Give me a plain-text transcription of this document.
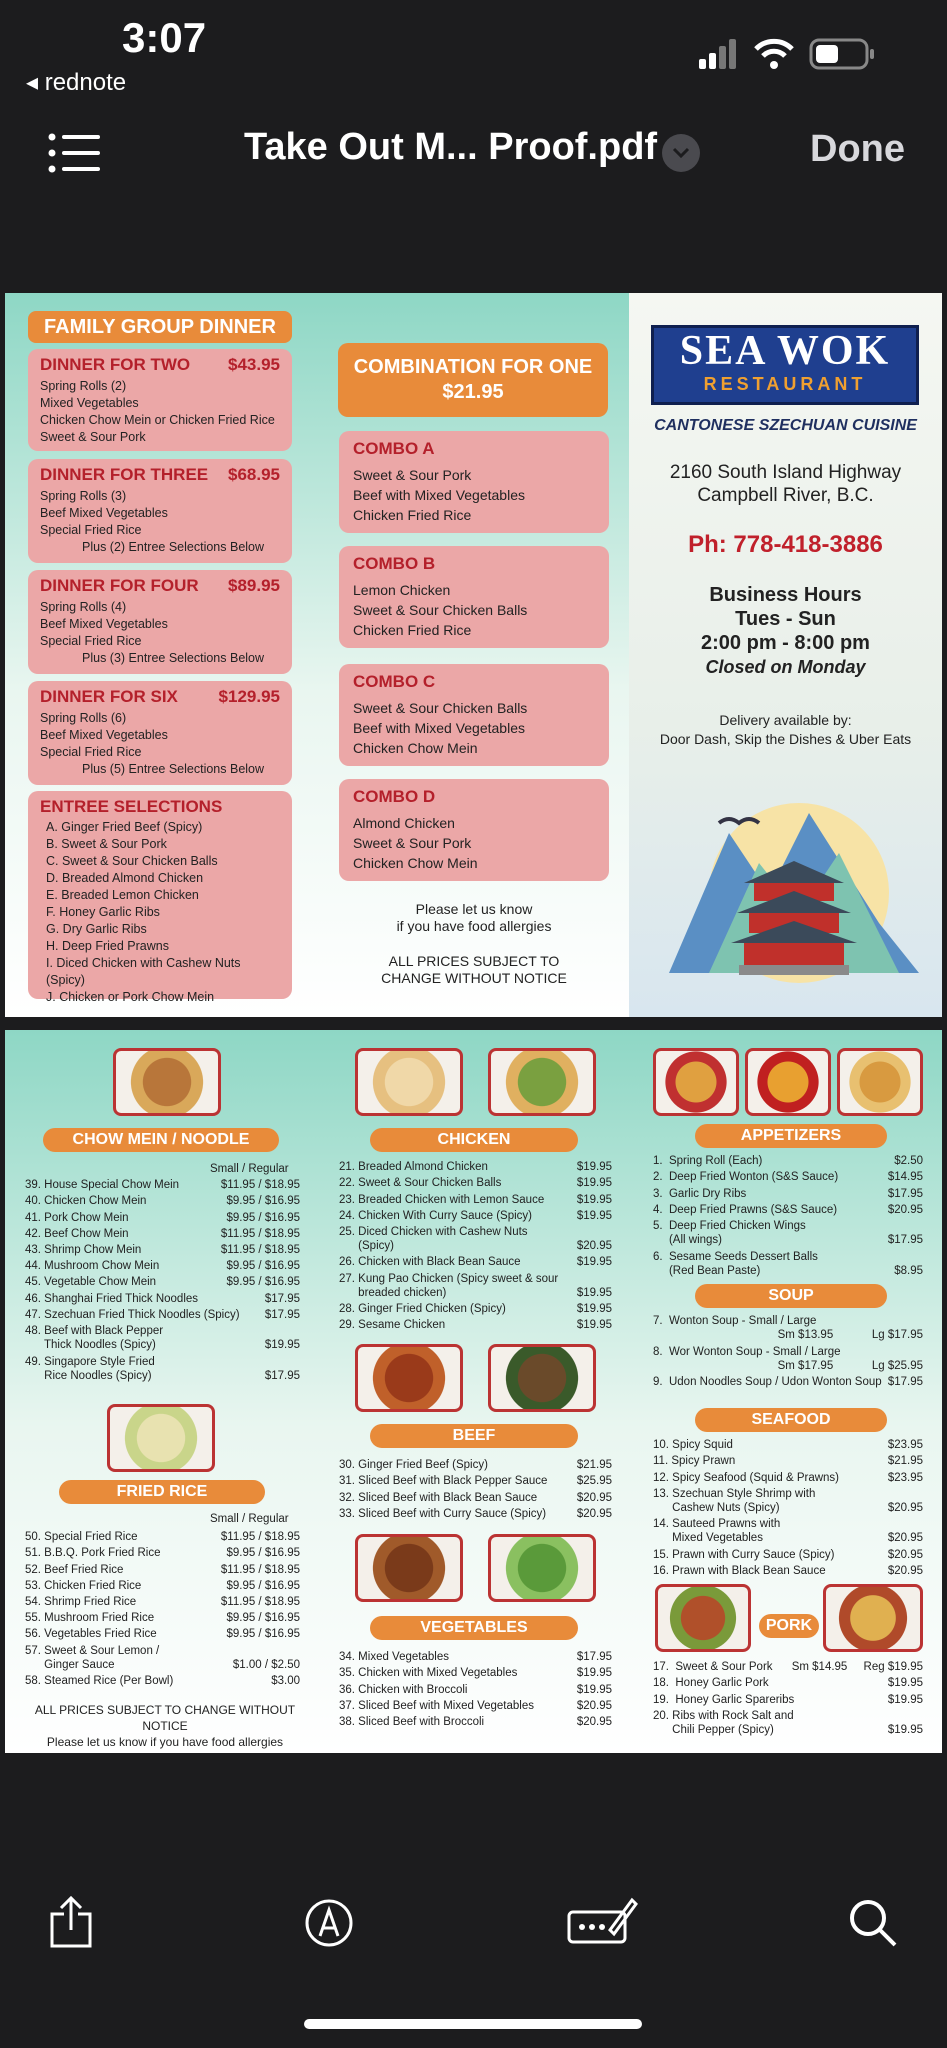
3:07
◂ rednote
Take Out M... Proof.pdf	Done
FAMILY GROUP DINNER
DINNER FOR TWO $43.95
Spring Rolls (2)
Mixed Vegetables
Chicken Chow Mein or Chicken Fried Rice
Sweet & Sour Pork
DINNER FOR THREE $68.95
Spring Rolls (3)
Beef Mixed Vegetables
Special Fried Rice
Plus (2) Entree Selections Below
DINNER FOR FOUR $89.95
Spring Rolls (4)
Beef Mixed Vegetables
Special Fried Rice
Plus (3) Entree Selections Below
DINNER FOR SIX $129.95
Spring Rolls (6)
Beef Mixed Vegetables
Special Fried Rice
Plus (5) Entree Selections Below
ENTREE SELECTIONS
A. Ginger Fried Beef (Spicy)
B. Sweet & Sour Pork
C. Sweet & Sour Chicken Balls
D. Breaded Almond Chicken
E. Breaded Lemon Chicken
F. Honey Garlic Ribs
G. Dry Garlic Ribs
H. Deep Fried Prawns
I. Diced Chicken with Cashew Nuts (Spicy)
J. Chicken or Pork Chow Mein
COMBINATION FOR ONE
$21.95
COMBO A
Sweet & Sour Pork
Beef with Mixed Vegetables
Chicken Fried Rice
COMBO B
Lemon Chicken
Sweet & Sour Chicken Balls
Chicken Fried Rice
COMBO C
Sweet & Sour Chicken Balls
Beef with Mixed Vegetables
Chicken Chow Mein
COMBO D
Almond Chicken
Sweet & Sour Pork
Chicken Chow Mein
Please let us know
if you have food allergies
ALL PRICES SUBJECT TO
CHANGE WITHOUT NOTICE
SEA WOK
RESTAURANT
CANTONESE SZECHUAN CUISINE
2160 South Island Highway
Campbell River, B.C.
Ph: 778-418-3886
Business Hours
Tues - Sun
2:00 pm - 8:00 pm
Closed on Monday
Delivery available by:
Door Dash, Skip the Dishes & Uber Eats
CHOW MEIN / NOODLE
Small / Regular
39. House Special Chow Mein	$11.95 / $18.95
40. Chicken Chow Mein	$9.95 / $16.95
41. Pork Chow Mein	$9.95 / $16.95
42. Beef Chow Mein	$11.95 / $18.95
43. Shrimp Chow Mein	$11.95 / $18.95
44. Mushroom Chow Mein	$9.95 / $16.95
45. Vegetable Chow Mein	$9.95 / $16.95
46. Shanghai Fried Thick Noodles	$17.95
47. Szechuan Fried Thick Noodles (Spicy) $17.95
48. Beef with Black Pepper
Thick Noodles (Spicy)	$19.95
49. Singapore Style Fried
Rice Noodles (Spicy)	$17.95
FRIED RICE
Small / Regular
50. Special Fried Rice	$11.95 / $18.95
51. B.B.Q. Pork Fried Rice	$9.95 / $16.95
52. Beef Fried Rice	$11.95 / $18.95
53. Chicken Fried Rice	$9.95 / $16.95
54. Shrimp Fried Rice	$11.95 / $18.95
55. Mushroom Fried Rice	$9.95 / $16.95
56. Vegetables Fried Rice	$9.95 / $16.95
57. Sweet & Sour Lemon /
Ginger Sauce	$1.00 / $2.50
58. Steamed Rice (Per Bowl)	$3.00
ALL PRICES SUBJECT TO CHANGE WITHOUT NOTICE
Please let us know if you have food allergies
CHICKEN
21. Breaded Almond Chicken	$19.95
22. Sweet & Sour Chicken Balls	$19.95
23. Breaded Chicken with Lemon Sauce	$19.95
24. Chicken With Curry Sauce (Spicy)	$19.95
25. Diced Chicken with Cashew Nuts
(Spicy)	$20.95
26. Chicken with Black Bean Sauce	$19.95
27. Kung Pao Chicken (Spicy sweet & sour
breaded chicken)	$19.95
28. Ginger Fried Chicken (Spicy)	$19.95
29. Sesame Chicken	$19.95
BEEF
30. Ginger Fried Beef (Spicy)	$21.95
31. Sliced Beef with Black Pepper Sauce	$25.95
32. Sliced Beef with Black Bean Sauce	$20.95
33. Sliced Beef with Curry Sauce (Spicy)	$20.95
VEGETABLES
34. Mixed Vegetables	$17.95
35. Chicken with Mixed Vegetables	$19.95
36. Chicken with Broccoli	$19.95
37. Sliced Beef with Mixed Vegetables	$20.95
38. Sliced Beef with Broccoli	$20.95
APPETIZERS
1.  Spring Roll (Each)	$2.50
2.  Deep Fried Wonton (S&S Sauce)	$14.95
3.  Garlic Dry Ribs	$17.95
4.  Deep Fried Prawns (S&S Sauce)	$20.95
5.  Deep Fried Chicken Wings
(All wings)	$17.95
6.  Sesame Seeds Dessert Balls
(Red Bean Paste)	$8.95
SOUP
7.  Wonton Soup - Small / Large
Sm $13.95	Lg $17.95
8.  Wor Wonton Soup - Small / Large
Sm $17.95	Lg $25.95
9.  Udon Noodles Soup / Udon Wonton Soup $17.95
SEAFOOD
10. Spicy Squid	$23.95
11. Spicy Prawn	$21.95
12. Spicy Seafood (Squid & Prawns)	$23.95
13. Szechuan Style Shrimp with
Cashew Nuts (Spicy)	$20.95
14. Sauteed Prawns with
Mixed Vegetables	$20.95
15. Prawn with Curry Sauce (Spicy)	$20.95
16. Prawn with Black Bean Sauce	$20.95
PORK
17.  Sweet & Sour Pork      Sm $14.95 Reg $19.95
18.  Honey Garlic Pork	$19.95
19.  Honey Garlic Spareribs	$19.95
20. Ribs with Rock Salt and
Chili Pepper (Spicy)	$19.95
